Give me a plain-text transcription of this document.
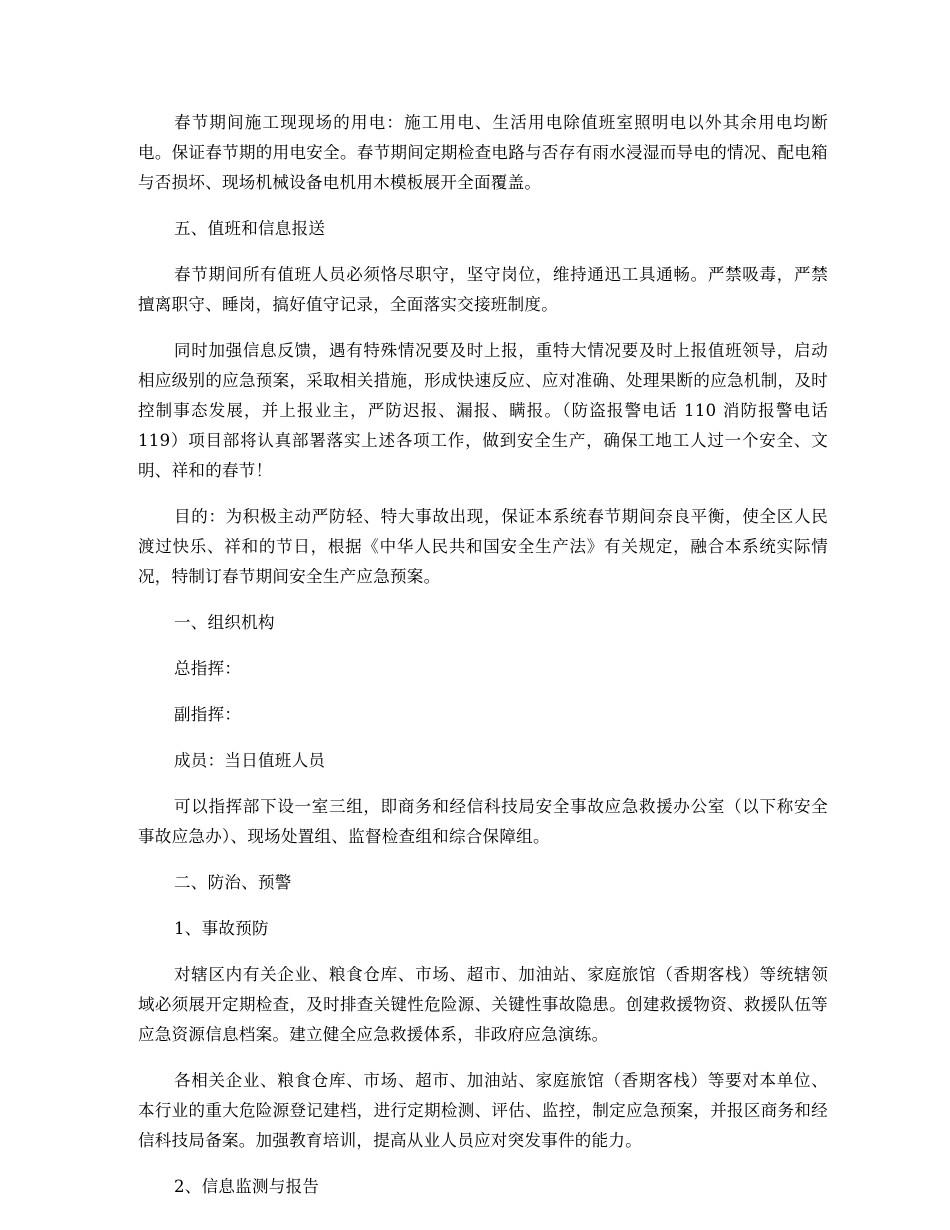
春节期间施工现现场的用电：施工用电、生活用电除值班室照明电以外其余用电均断电。保证春节期的用电安全。春节期间定期检查电路与否存有雨水浸湿而导电的情况、配电箱与否损坏、现场机械设备电机用木模板展开全面覆盖。

五、值班和信息报送

春节期间所有值班人员必须恪尽职守，坚守岗位，维持通迅工具通畅。严禁吸毒，严禁擅离职守、睡岗，搞好值守记录，全面落实交接班制度。

同时加强信息反馈，遇有特殊情况要及时上报，重特大情况要及时上报值班领导，启动相应级别的应急预案，采取相关措施，形成快速反应、应对准确、处理果断的应急机制，及时控制事态发展，并上报业主，严防迟报、漏报、瞒报。（防盗报警电话 110 消防报警电话 119）项目部将认真部署落实上述各项工作，做到安全生产，确保工地工人过一个安全、文明、祥和的春节！

目的：为积极主动严防轻、特大事故出现，保证本系统春节期间奈良平衡，使全区人民渡过快乐、祥和的节日，根据《中华人民共和国安全生产法》有关规定，融合本系统实际情况，特制订春节期间安全生产应急预案。

一、组织机构

总指挥：

副指挥：

成员：当日值班人员

可以指挥部下设一室三组，即商务和经信科技局安全事故应急救援办公室（以下称安全事故应急办）、现场处置组、监督检查组和综合保障组。

二、防治、预警

1、事故预防

对辖区内有关企业、粮食仓库、市场、超市、加油站、家庭旅馆（香期客栈）等统辖领域必须展开定期检查，及时排查关键性危险源、关键性事故隐患。创建救援物资、救援队伍等应急资源信息档案。建立健全应急救援体系，非政府应急演练。

各相关企业、粮食仓库、市场、超市、加油站、家庭旅馆（香期客栈）等要对本单位、本行业的重大危险源登记建档，进行定期检测、评估、监控，制定应急预案，并报区商务和经信科技局备案。加强教育培训，提高从业人员应对突发事件的能力。

2、信息监测与报告
